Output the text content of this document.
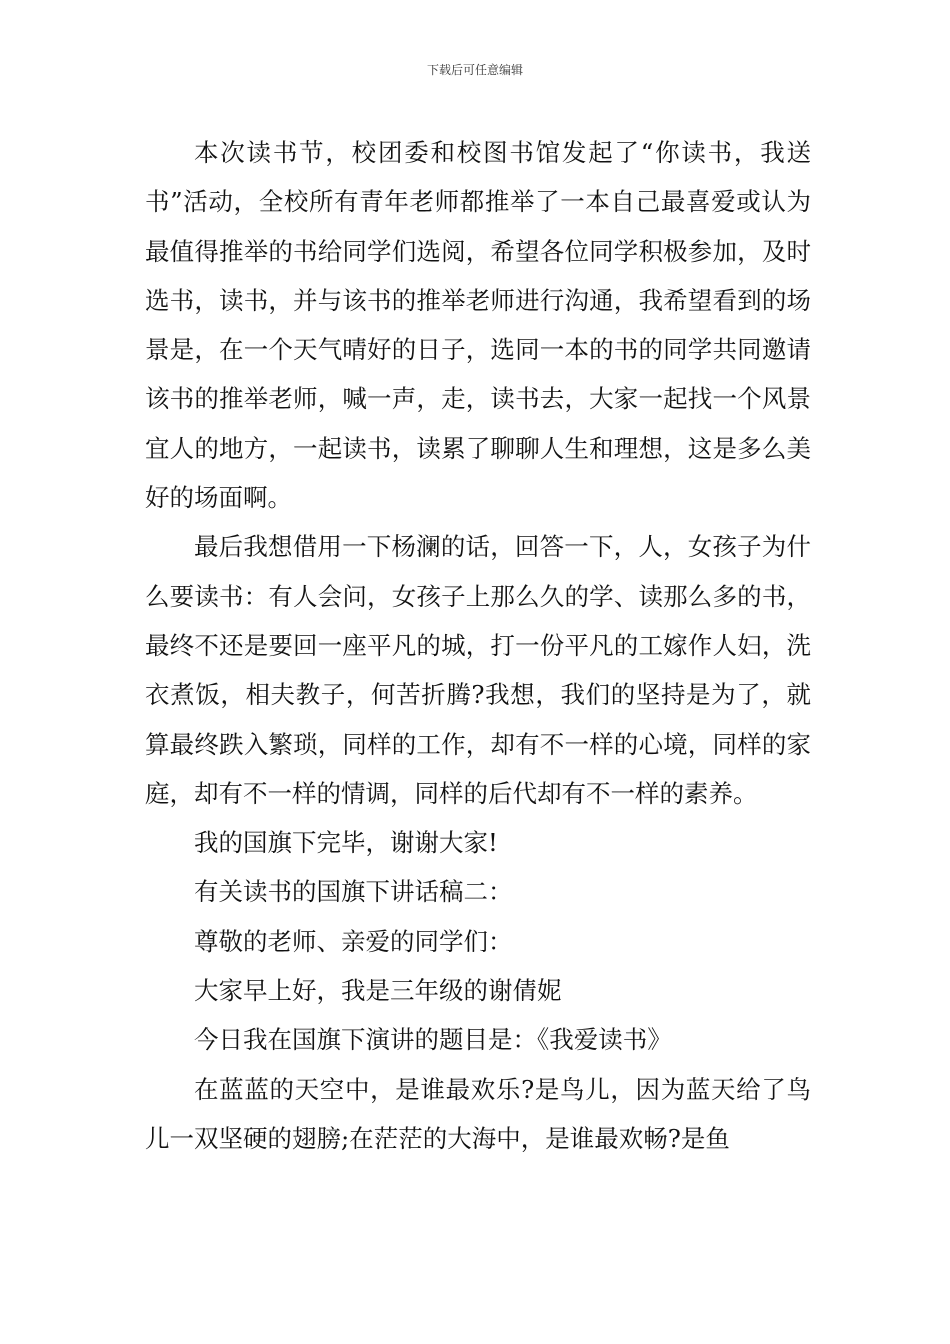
下载后可任意编辑

本次读书节，校团委和校图书馆发起了“你读书，我送书”活动，全校所有青年老师都推举了一本自己最喜爱或认为最值得推举的书给同学们选阅，希望各位同学积极参加，及时选书，读书，并与该书的推举老师进行沟通，我希望看到的场景是，在一个天气晴好的日子，选同一本的书的同学共同邀请该书的推举老师，喊一声，走，读书去，大家一起找一个风景宜人的地方，一起读书，读累了聊聊人生和理想，这是多么美好的场面啊。

最后我想借用一下杨澜的话，回答一下，人，女孩子为什么要读书：有人会问，女孩子上那么久的学、读那么多的书，最终不还是要回一座平凡的城，打一份平凡的工嫁作人妇，洗衣煮饭，相夫教子，何苦折腾?我想，我们的坚持是为了，就算最终跌入繁琐，同样的工作，却有不一样的心境，同样的家庭，却有不一样的情调，同样的后代却有不一样的素养。

我的国旗下完毕，谢谢大家!

有关读书的国旗下讲话稿二：

尊敬的老师、亲爱的同学们：

大家早上好，我是三年级的谢倩妮

今日我在国旗下演讲的题目是：《我爱读书》

在蓝蓝的天空中，是谁最欢乐?是鸟儿，因为蓝天给了鸟儿一双坚硬的翅膀;在茫茫的大海中，是谁最欢畅?是鱼
